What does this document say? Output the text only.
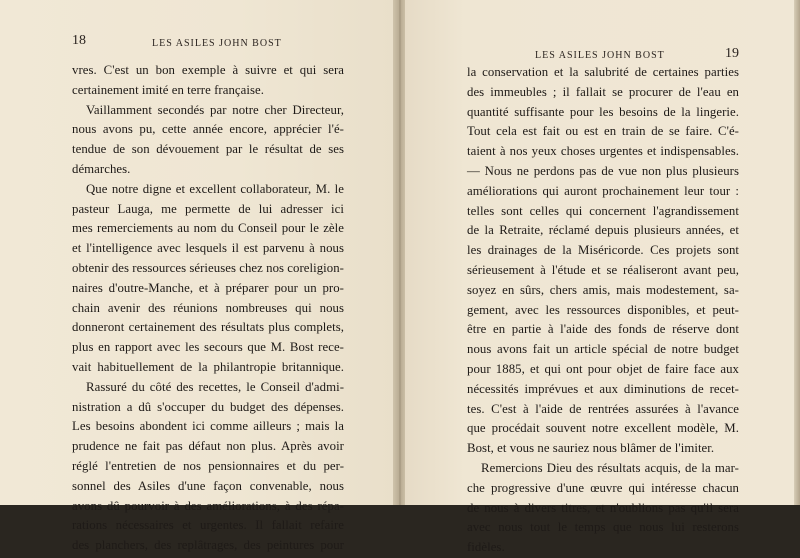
18	LES ASILES JOHN BOST
vres. C'est un bon exemple à suivre et qui sera
certainement imité en terre française.
Vaillamment secondés par notre cher Directeur,
nous avons pu, cette année encore, apprécier l'é-
tendue de son dévouement par le résultat de ses
démarches.
Que notre digne et excellent collaborateur, M. le
pasteur Lauga, me permette de lui adresser ici
mes remerciements au nom du Conseil pour le zèle
et l'intelligence avec lesquels il est parvenu à nous
obtenir des ressources sérieuses chez nos coreligion-
naires d'outre-Manche, et à préparer pour un pro-
chain avenir des réunions nombreuses qui nous
donneront certainement des résultats plus complets,
plus en rapport avec les secours que M. Bost rece-
vait habituellement de la philantropie britannique.
Rassuré du côté des recettes, le Conseil d'admi-
nistration a dû s'occuper du budget des dépenses.
Les besoins abondent ici comme ailleurs ; mais la
prudence ne fait pas défaut non plus. Après avoir
réglé l'entretien de nos pensionnaires et du per-
sonnel des Asiles d'une façon convenable, nous
avons dû pourvoir à des améliorations, à des répa-
rations nécessaires et urgentes. Il fallait refaire
des planchers, des replâtrages, des peintures pour
LES ASILES JOHN BOST	19
la conservation et la salubrité de certaines parties
des immeubles ; il fallait se procurer de l'eau en
quantité suffisante pour les besoins de la lingerie.
Tout cela est fait ou est en train de se faire. C'é-
taient à nos yeux choses urgentes et indispensables.
— Nous ne perdons pas de vue non plus plusieurs
améliorations qui auront prochainement leur tour :
telles sont celles qui concernent l'agrandissement
de la Retraite, réclamé depuis plusieurs années, et
les drainages de la Miséricorde. Ces projets sont
sérieusement à l'étude et se réaliseront avant peu,
soyez en sûrs, chers amis, mais modestement, sa-
gement, avec les ressources disponibles, et peut-
être en partie à l'aide des fonds de réserve dont
nous avons fait un article spécial de notre budget
pour 1885, et qui ont pour objet de faire face aux
nécessités imprévues et aux diminutions de recet-
tes. C'est à l'aide de rentrées assurées à l'avance
que procédait souvent notre excellent modèle, M.
Bost, et vous ne sauriez nous blâmer de l'imiter.
Remercions Dieu des résultats acquis, de la mar-
che progressive d'une œuvre qui intéresse chacun
de nous à divers titres, et n'oublions pas qu'il sera
avec nous tout le temps que nous lui resterons
fidèles.
